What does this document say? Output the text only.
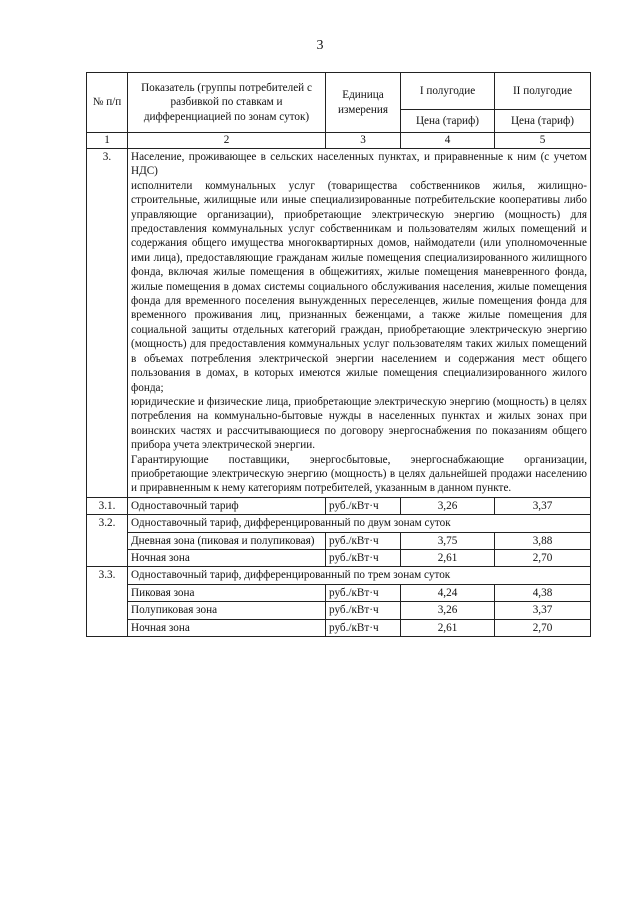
3
№ п/п	Показатель (группы потребителей с разбивкой по ставкам и дифференциацией по зонам суток)	Единица измерения	I полугодие	II полугодие
			Цена (тариф)	Цена (тариф)
1	2	3	4	5
3.	Население, проживающее в сельских населенных пунктах, и приравненные к ним (с учетом НДС)
исполнители коммунальных услуг (товарищества собственников жилья, жилищно-строительные, жилищные или иные специализированные потребительские кооперативы либо управляющие организации), приобретающие электрическую энергию (мощность) для предоставления коммунальных услуг собственникам и пользователям жилых помещений и содержания общего имущества многоквартирных домов, наймодатели (или уполномоченные ими лица), предоставляющие гражданам жилые помещения специализированного жилищного фонда, включая жилые помещения в общежитиях, жилые помещения маневренного фонда, жилые помещения в домах системы социального обслуживания населения, жилые помещения фонда для временного поселения вынужденных переселенцев, жилые помещения фонда для временного проживания лиц, признанных беженцами, а также жилые помещения для социальной защиты отдельных категорий граждан, приобретающие электрическую энергию (мощность) для предоставления коммунальных услуг пользователям таких жилых помещений в объемах потребления электрической энергии населением и содержания мест общего пользования в домах, в которых имеются жилые помещения специализированного жилого фонда;
юридические и физические лица, приобретающие электрическую энергию (мощность) в целях потребления на коммунально-бытовые нужды в населенных пунктах и жилых зонах при воинских частях и рассчитывающиеся по договору энергоснабжения по показаниям общего прибора учета электрической энергии.
Гарантирующие поставщики, энергосбытовые, энергоснабжающие организации, приобретающие электрическую энергию (мощность) в целях дальнейшей продажи населению и приравненным к нему категориям потребителей, указанным в данном пункте.			

3.1.	Одноставочный тариф	руб./кВт·ч	3,26	3,37
3.2.	Одноставочный тариф, дифференцированный по двум зонам суток			
	Дневная зона (пиковая и полупиковая)	руб./кВт·ч	3,75	3,88
	Ночная зона	руб./кВт·ч	2,61	2,70
3.3.	Одноставочный тариф, дифференцированный по трем зонам суток			
	Пиковая зона	руб./кВт·ч	4,24	4,38
	Полупиковая зона	руб./кВт·ч	3,26	3,37
	Ночная зона	руб./кВт·ч	2,61	2,70
